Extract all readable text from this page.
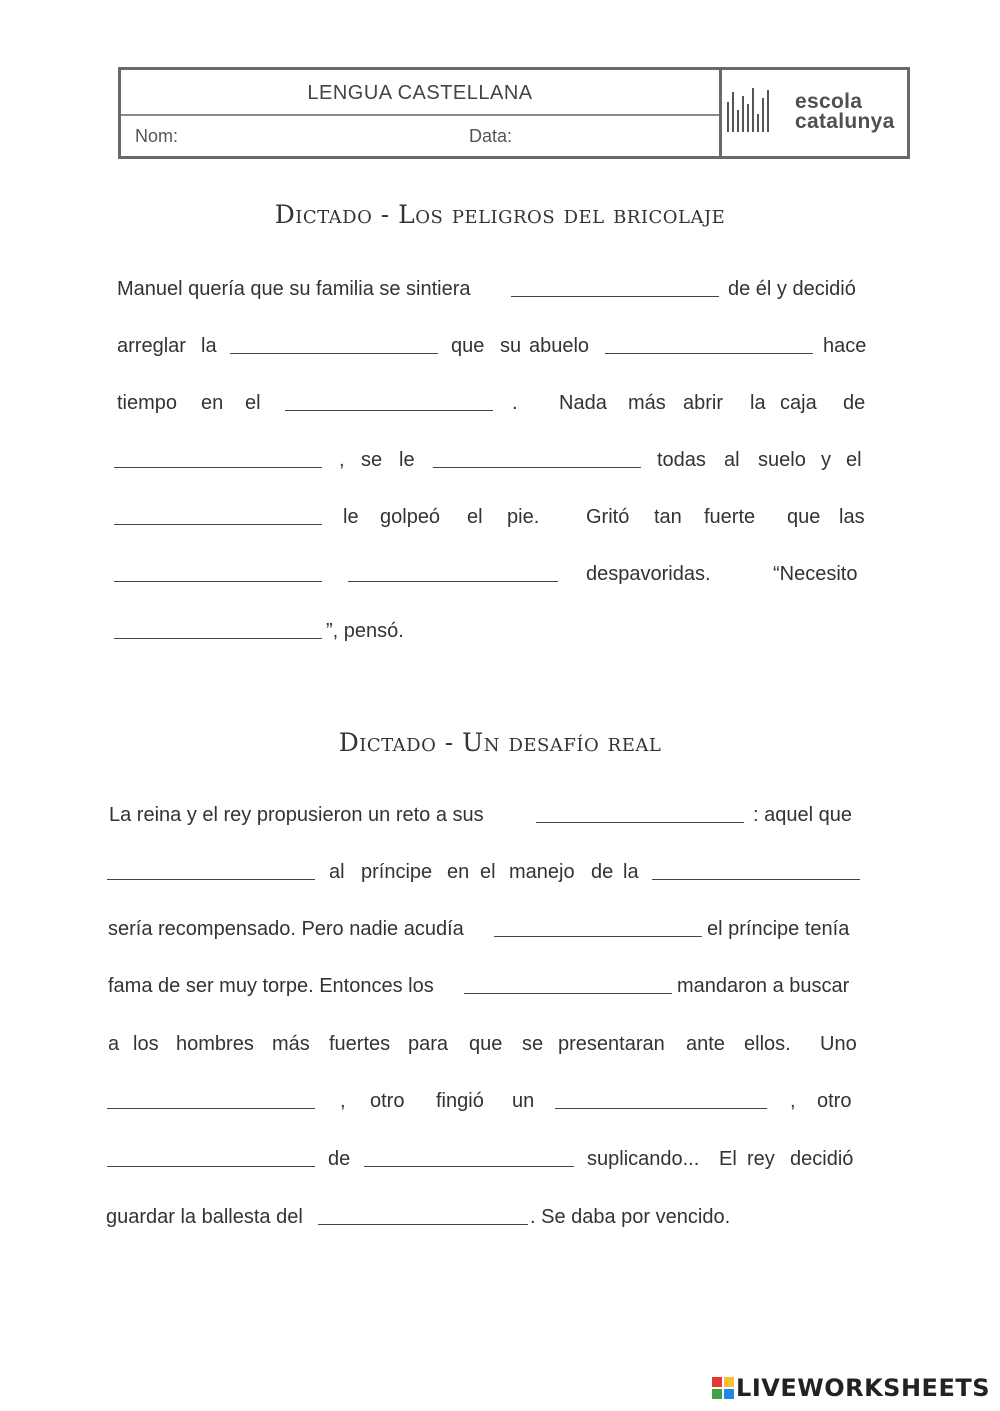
LENGUA CASTELLANA
Nom:	Data:
escola
catalunya
Dictado - Los peligros del bricolaje
Manuel quería que su familia se sintiera	de él y decidió
arreglar la	que su abuelo	hace
tiempo en el	. Nada más abrir la caja de
, se le	todas al suelo y el
le golpeó el pie. Gritó tan fuerte que las
despavoridas.	“Necesito
”, pensó.
Dictado - Un desafío real
La reina y el rey propusieron un reto a sus	: aquel que
al príncipe en el manejo de la
sería recompensado. Pero nadie acudía	el príncipe tenía
fama de ser muy torpe. Entonces los	mandaron a buscar
a los hombres más fuertes para que se presentaran ante ellos. Uno
, otro fingió un	, otro
de	suplicando... El rey decidió
guardar la ballesta del	. Se daba por vencido.
LIVEWORKSHEETS
